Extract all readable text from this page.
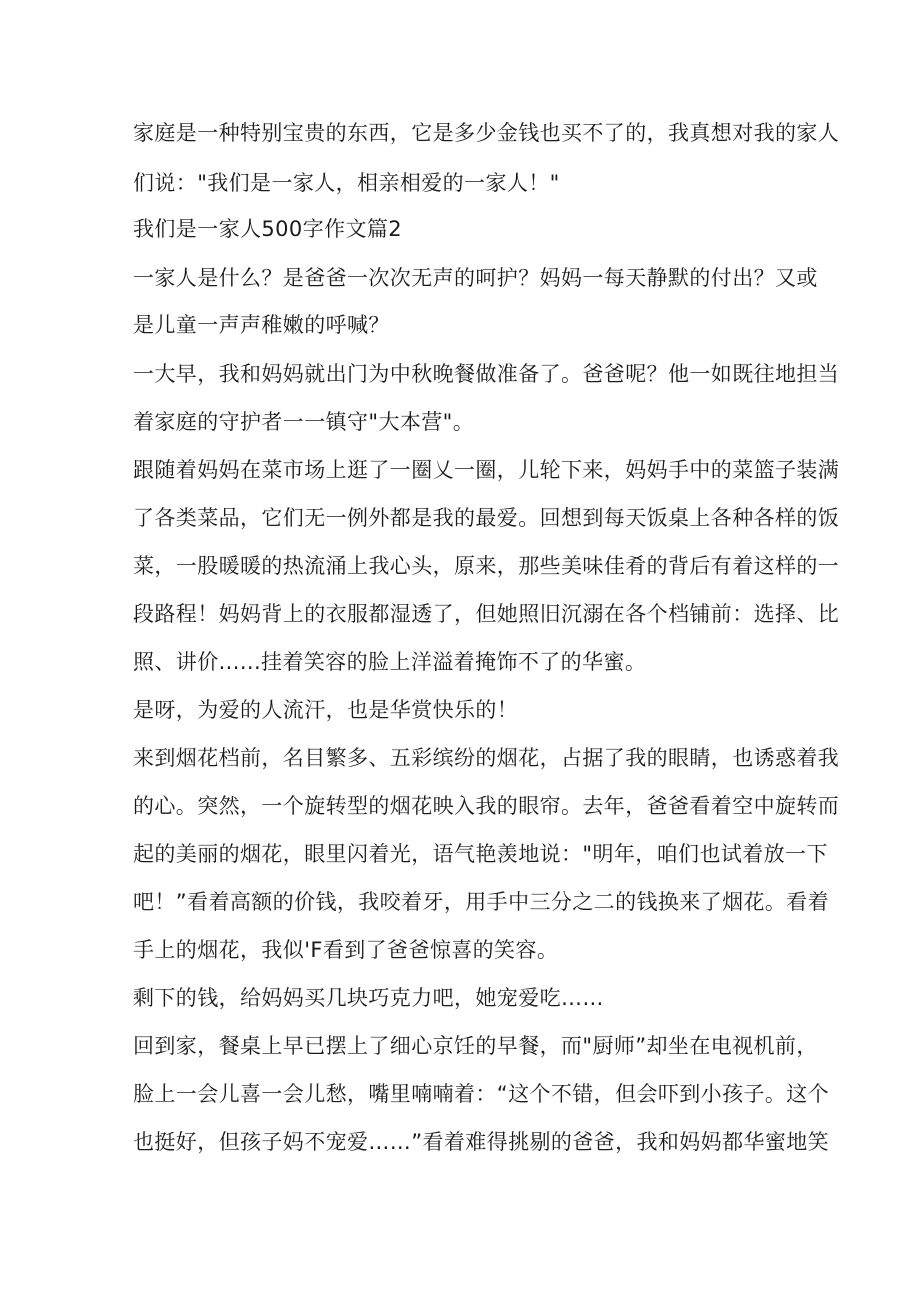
家庭是一种特别宝贵的东西，它是多少金钱也买不了的，我真想对我的家人
们说："我们是一家人，相亲相爱的一家人！"
我们是一家人500字作文篇2
一家人是什么？是爸爸一次次无声的呵护？妈妈一每天静默的付出？又或
是儿童一声声稚嫩的呼喊？
一大早，我和妈妈就出门为中秋晚餐做准备了。爸爸呢？他一如既往地担当
着家庭的守护者一一镇守"大本营"。
跟随着妈妈在菜市场上逛了一圈乂一圈，儿轮下来，妈妈手中的菜篮子装满
了各类菜品，它们无一例外都是我的最爱。回想到每天饭桌上各种各样的饭
菜，一股暖暖的热流涌上我心头，原来，那些美味佳肴的背后有着这样的一
段路程！妈妈背上的衣服都湿透了，但她照旧沉溺在各个档铺前：选择、比
照、讲价......挂着笑容的脸上洋溢着掩饰不了的华蜜。
是呀，为爱的人流汗，也是华赏快乐的！
来到烟花档前，名目繁多、五彩缤纷的烟花，占据了我的眼睛，也诱惑着我
的心。突然，一个旋转型的烟花映入我的眼帘。去年，爸爸看着空中旋转而
起的美丽的烟花，眼里闪着光，语气艳羡地说："明年，咱们也试着放一下
吧！”看着高额的价钱，我咬着牙，用手中三分之二的钱换来了烟花。看着
手上的烟花，我似'F看到了爸爸惊喜的笑容。
剩下的钱，给妈妈买几块巧克力吧，她宠爱吃……
回到家，餐桌上早已摆上了细心京饪的早餐，而"厨师”却坐在电视机前，
脸上一会儿喜一会儿愁，嘴里喃喃着：“这个不错，但会吓到小孩子。这个
也挺好，但孩子妈不宠爱……”看着难得挑剔的爸爸，我和妈妈都华蜜地笑
